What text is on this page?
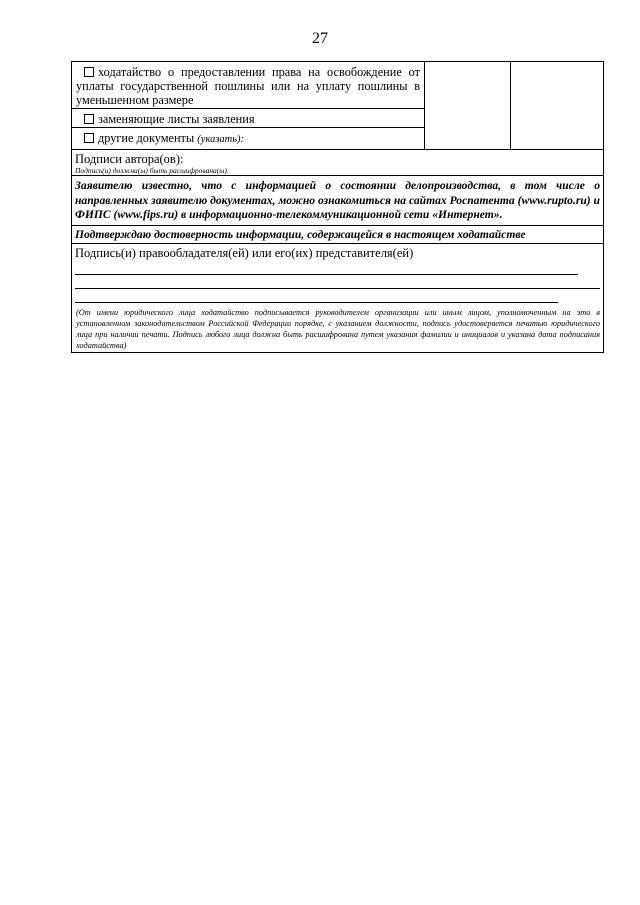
27
ходатайство о предоставлении права на освобождение от уплаты государственной пошлины или на уплату пошлины в уменьшенном размере
заменяющие листы заявления
другие документы (указать):
Подписи автора(ов):
Подпись(и) должна(ы) быть расшифрована(ы).
Заявителю известно, что с информацией о состоянии делопроизводства, в том числе о направленных заявителю документах, можно ознакомиться на сайтах Роспатента (www.rupto.ru) и ФИПС (www.fips.ru) в информационно-телекоммуникационной сети «Интернет».
Подтверждаю достоверность информации, содержащейся в настоящем ходатайстве
Подпись(и) правообладателя(ей) или его(их) представителя(ей)
(От имени юридического лица ходатайство подписывается руководителем организации или иным лицом, уполномоченным на это в установленном законодательством Российской Федерации порядке, с указанием должности, подпись удостоверяется печатью юридического лица при наличии печати. Подпись любого лица должна быть расшифрована путем указания фамилии и инициалов и указана дата подписания ходатайства)
